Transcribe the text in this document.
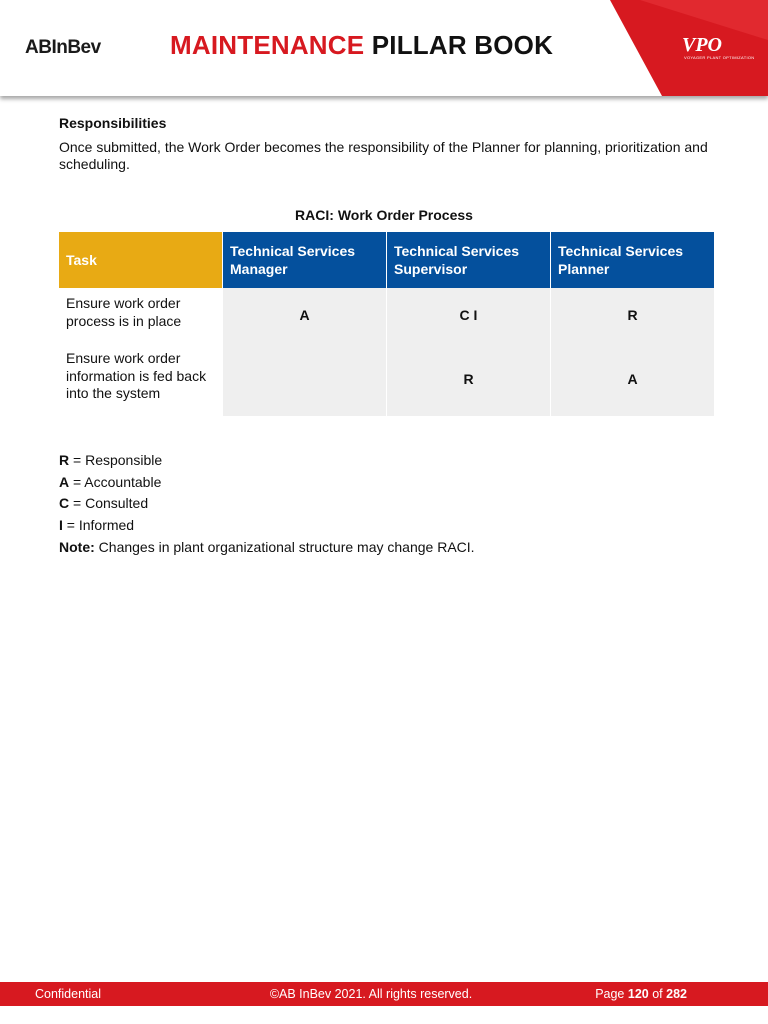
ABInBev	MAINTENANCE PILLAR BOOK	VPO
VOYAGER PLANT OPTIMIZATION
Responsibilities
Once submitted, the Work Order becomes the responsibility of the Planner for planning, prioritization and scheduling.
RACI: Work Order Process
Task	Technical Services Manager	Technical Services Supervisor	Technical Services Planner
Ensure work order process is in place	A	C I	R
Ensure work order information is fed back into the system		R	A
R = Responsible
A = Accountable
C = Consulted
I = Informed
Note: Changes in plant organizational structure may change RACI.
Confidential	©AB InBev 2021. All rights reserved.	Page 120 of 282
